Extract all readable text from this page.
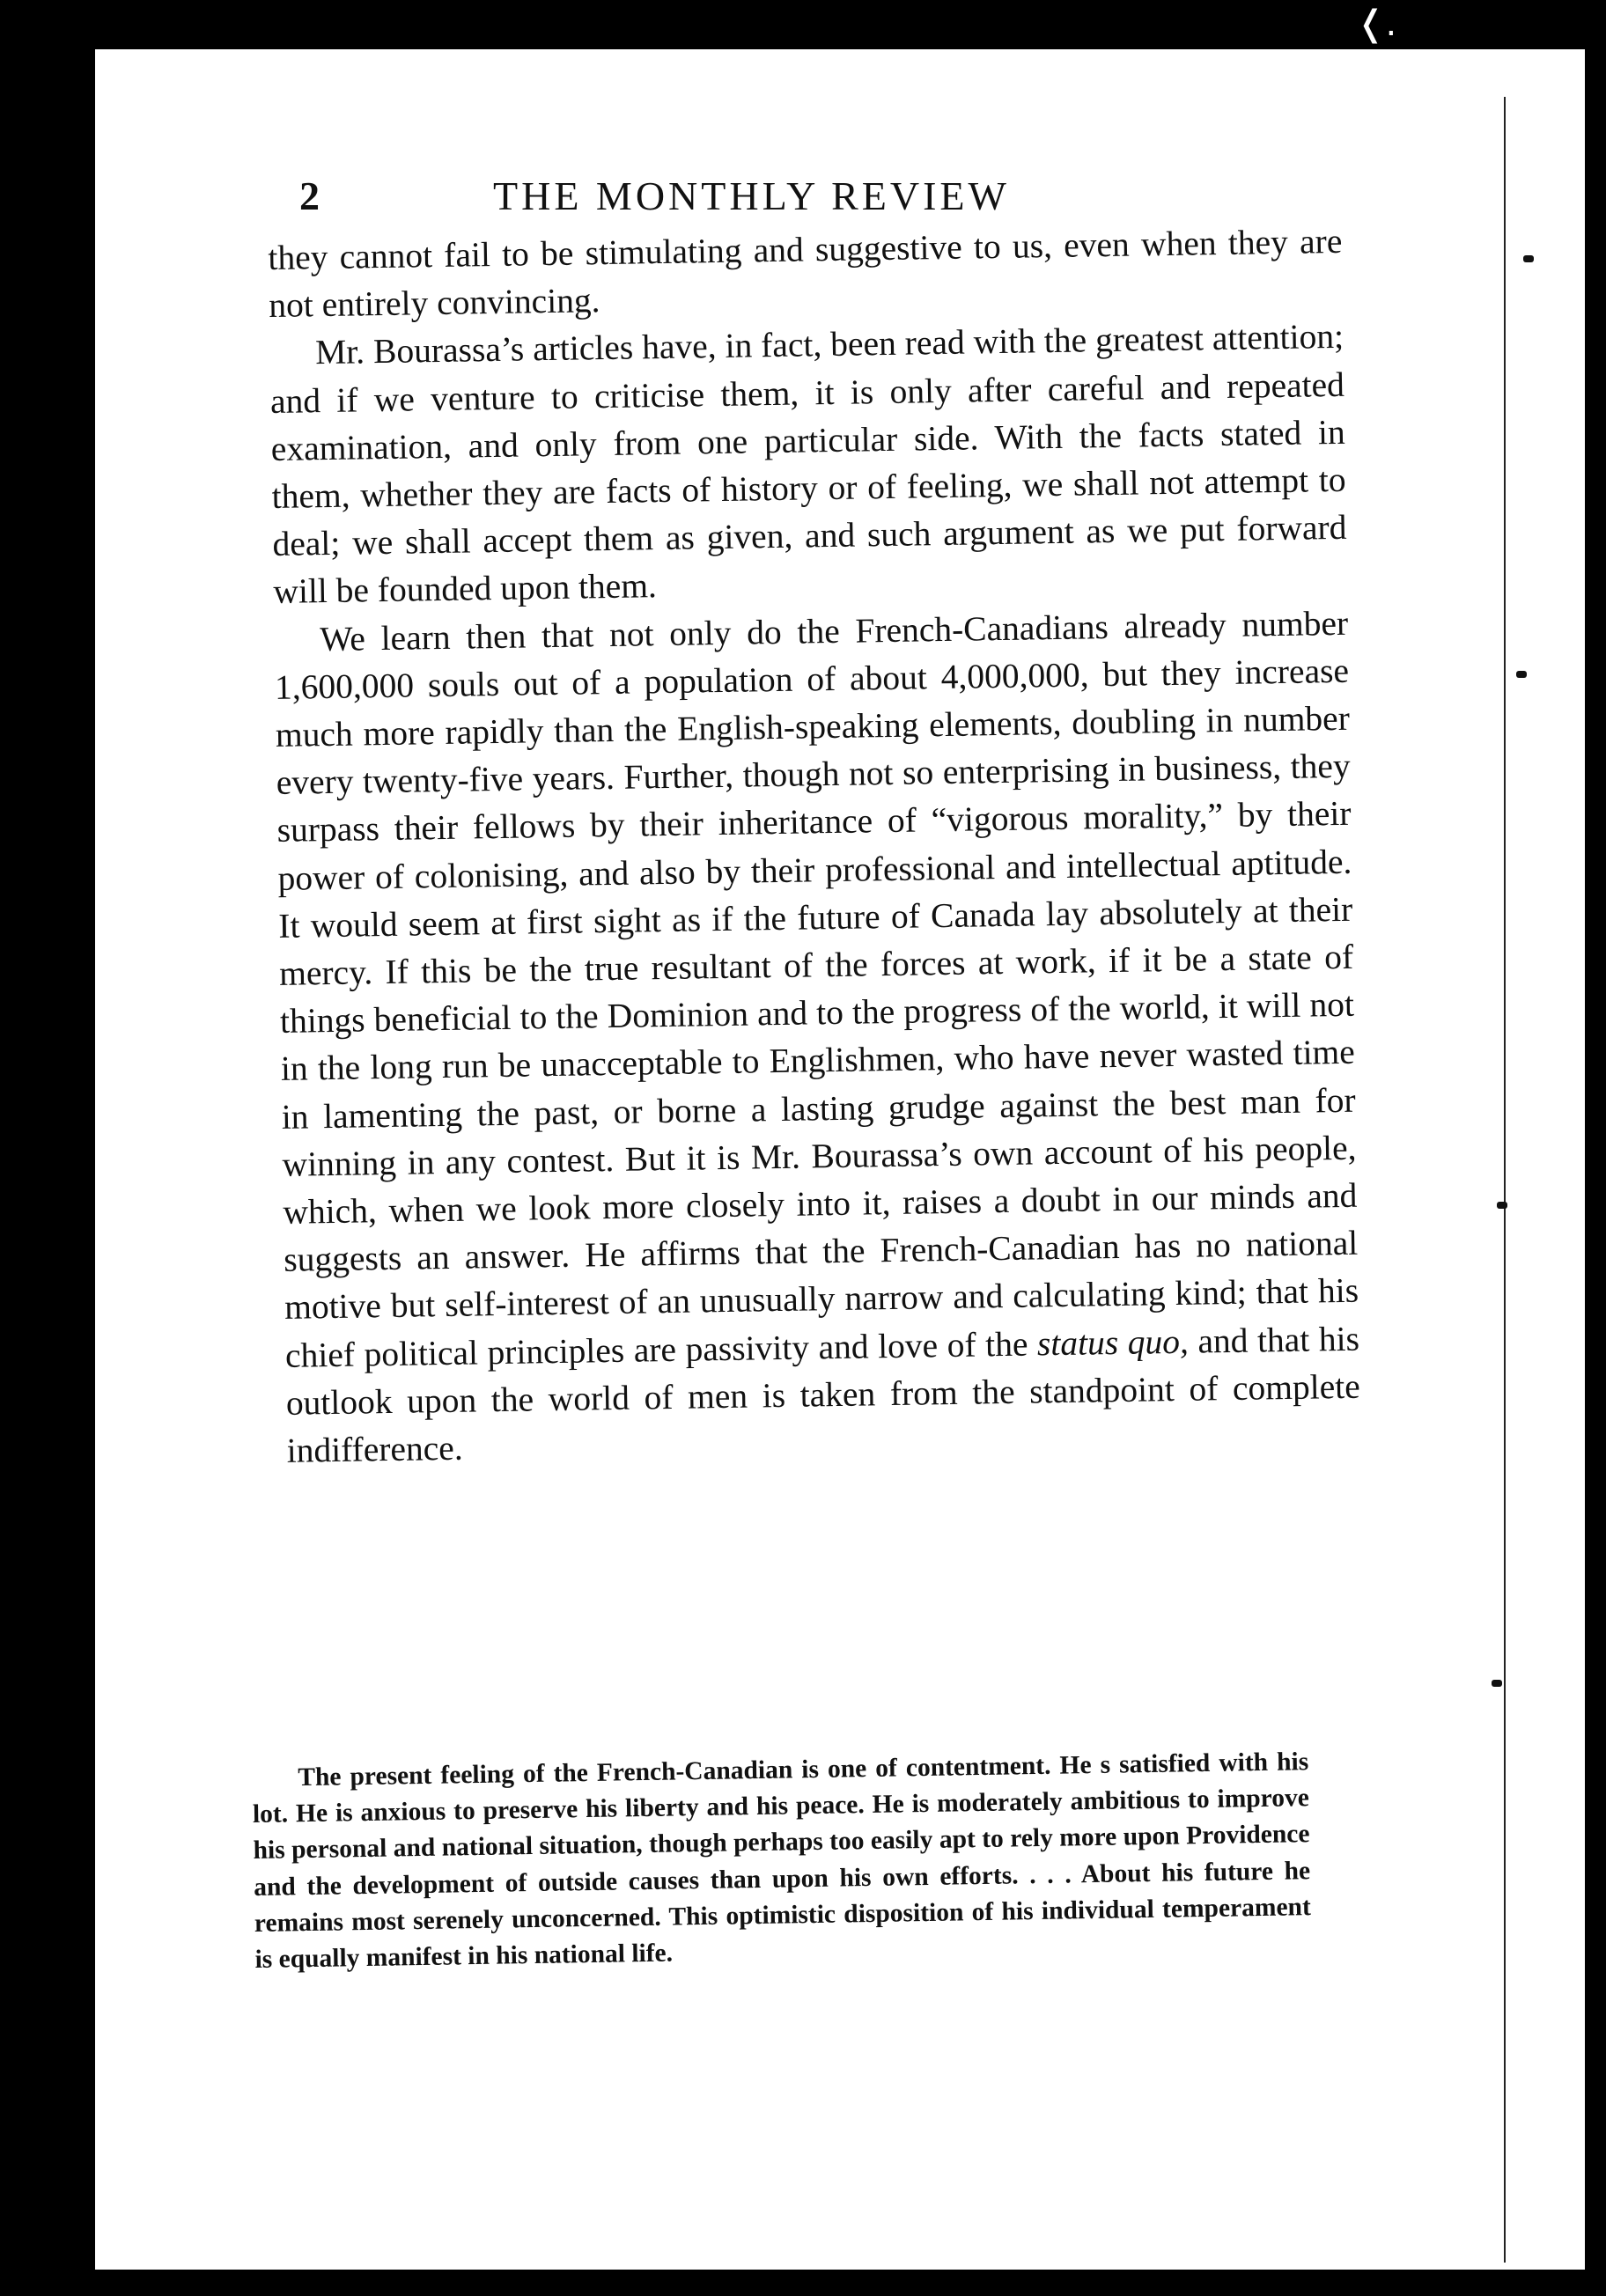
❬.
2	THE MONTHLY REVIEW

they cannot fail to be stimulating and suggestive to us, even when they are not entirely convincing.

Mr. Bourassa’s articles have, in fact, been read with the greatest attention; and if we venture to criticise them, it is only after careful and repeated examination, and only from one particular side. With the facts stated in them, whether they are facts of history or of feeling, we shall not attempt to deal; we shall accept them as given, and such argument as we put forward will be founded upon them.

We learn then that not only do the French-Canadians already number 1,600,000 souls out of a population of about 4,000,000, but they increase much more rapidly than the English-speaking elements, doubling in number every twenty-five years. Further, though not so enterprising in business, they surpass their fellows by their inheritance of “vigorous morality,” by their power of colonising, and also by their professional and intellectual aptitude. It would seem at first sight as if the future of Canada lay absolutely at their mercy. If this be the true resultant of the forces at work, if it be a state of things beneficial to the Dominion and to the progress of the world, it will not in the long run be unacceptable to Englishmen, who have never wasted time in lamenting the past, or borne a lasting grudge against the best man for winning in any contest. But it is Mr. Bourassa’s own account of his people, which, when we look more closely into it, raises a doubt in our minds and suggests an answer. He affirms that the French-Canadian has no national motive but self-interest of an unusually narrow and calculating kind; that his chief political principles are passivity and love of the status quo, and that his outlook upon the world of men is taken from the standpoint of complete indifference.

The present feeling of the French-Canadian is one of contentment. He s satisfied with his lot. He is anxious to preserve his liberty and his peace. He is moderately ambitious to improve his personal and national situation, though perhaps too easily apt to rely more upon Providence and the development of outside causes than upon his own efforts. . . . About his future he remains most serenely unconcerned. This optimistic disposition of his individual temperament is equally manifest in his national life.
